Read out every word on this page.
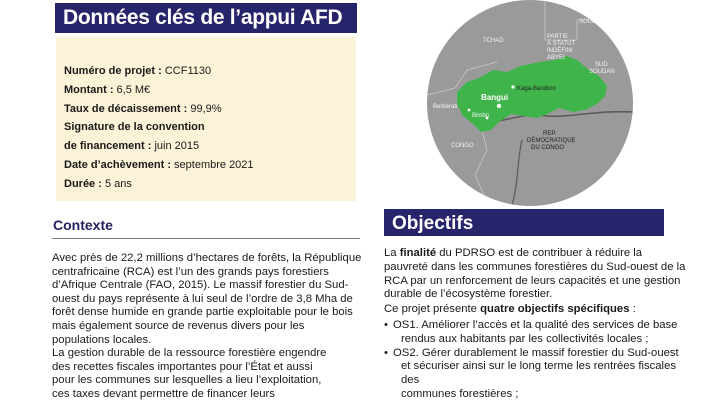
Données clés de l’appui AFD
Numéro de projet : CCF1130
Montant : 6,5 M€
Taux de décaissement : 99,9%
Signature de la convention
de financement : juin 2015
Date d’achèvement : septembre 2021
Durée : 5 ans
TCHAD
SOUDAN
PARTIE
À STATUT
INDÉFINI
ABYEI
SUD
SOUDAN
Kaga-Bandoro
Bangui
Berbérati
Bimbo
CONGO
REP.
DÉMOCRATIQUE
DU CONGO
Contexte

Avec près de 22,2 millions d’hectares de forêts, la République

centrafricaine (RCA) est l’un des grands pays forestiers

d’Afrique Centrale (FAO, 2015). Le massif forestier du Sud-

ouest du pays représente à lui seul de l’ordre de 3,8 Mha de

forêt dense humide en grande partie exploitable pour le bois

mais également source de revenus divers pour les

populations locales.

La gestion durable de la ressource forestière engendre

des recettes fiscales importantes pour l’État et aussi

pour les communes sur lesquelles a lieu l’exploitation,

ces taxes devant permettre de financer leurs

Objectifs

La finalité du PDRSO est de contribuer à réduire la

pauvreté dans les communes forestières du Sud-ouest de la

RCA par un renforcement de leurs capacités et une gestion

durable de l’écosystème forestier.

Ce projet présente quatre objectifs spécifiques :

• OS1. Améliorer l’accès et la qualité des services de base
rendus aux habitants par les collectivités locales ;
• OS2. Gérer durablement le massif forestier du Sud-ouest
et sécuriser ainsi sur le long terme les rentrées fiscales des
communes forestières ;
